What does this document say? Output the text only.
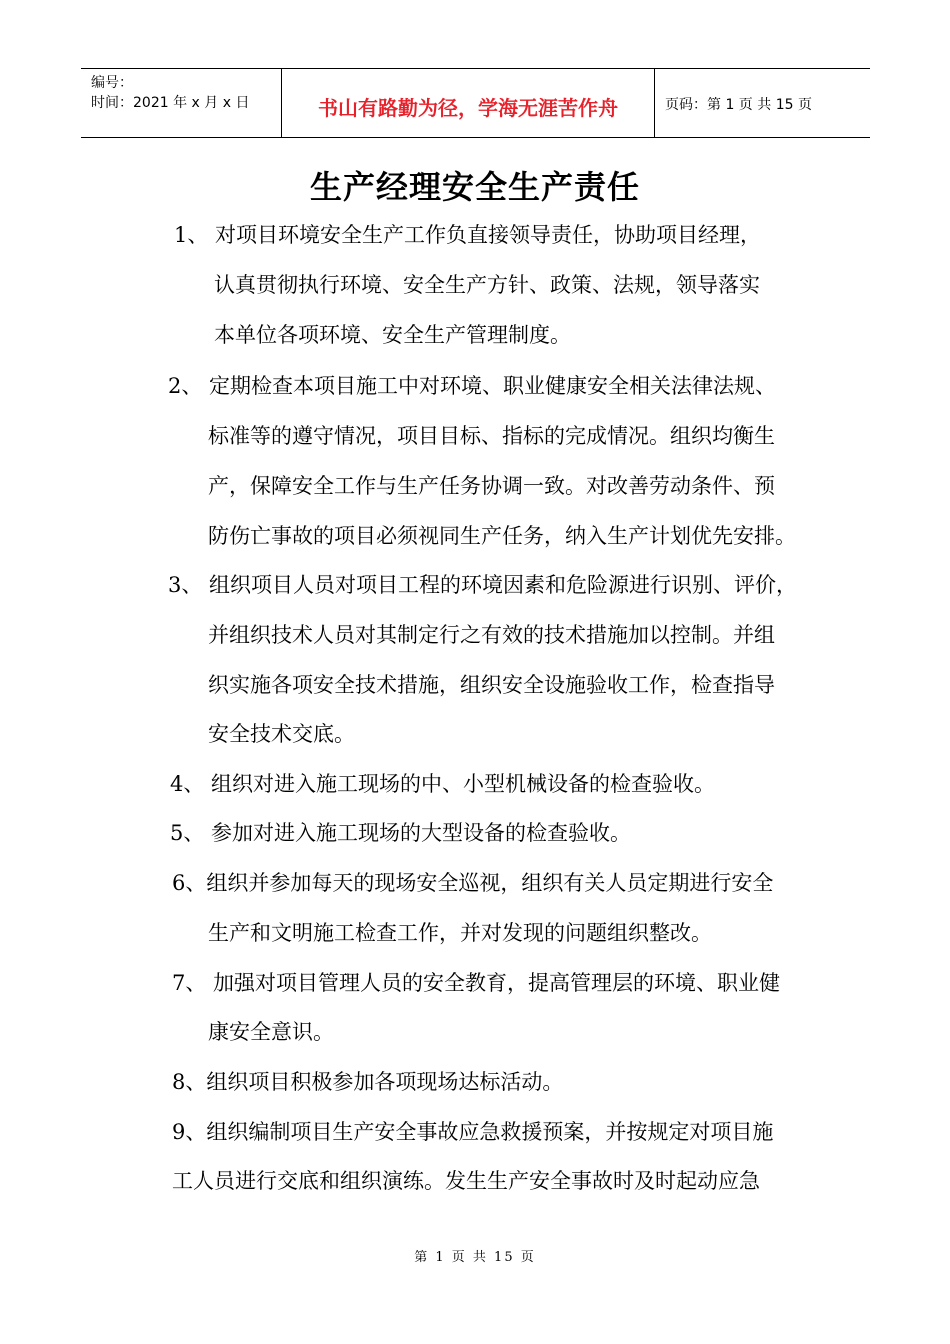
编号：
时间：2021 年 x 月 x 日	书山有路勤为径，学海无涯苦作舟	页码：第 1 页 共 15 页
生产经理安全生产责任
1、 对项目环境安全生产工作负直接领导责任，协助项目经理，
认真贯彻执行环境、安全生产方针、政策、法规，领导落实
本单位各项环境、安全生产管理制度。
2、 定期检查本项目施工中对环境、职业健康安全相关法律法规、
标准等的遵守情况，项目目标、指标的完成情况。组织均衡生
产，保障安全工作与生产任务协调一致。对改善劳动条件、预
防伤亡事故的项目必须视同生产任务，纳入生产计划优先安排。
3、 组织项目人员对项目工程的环境因素和危险源进行识别、评价，
并组织技术人员对其制定行之有效的技术措施加以控制。并组
织实施各项安全技术措施，组织安全设施验收工作，检查指导
安全技术交底。
4、 组织对进入施工现场的中、小型机械设备的检查验收。
5、 参加对进入施工现场的大型设备的检查验收。
6、组织并参加每天的现场安全巡视，组织有关人员定期进行安全
生产和文明施工检查工作，并对发现的问题组织整改。
7、 加强对项目管理人员的安全教育，提高管理层的环境、职业健
康安全意识。
8、组织项目积极参加各项现场达标活动。
9、组织编制项目生产安全事故应急救援预案，并按规定对项目施
工人员进行交底和组织演练。发生生产安全事故时及时起动应急
第 1 页 共 15 页
